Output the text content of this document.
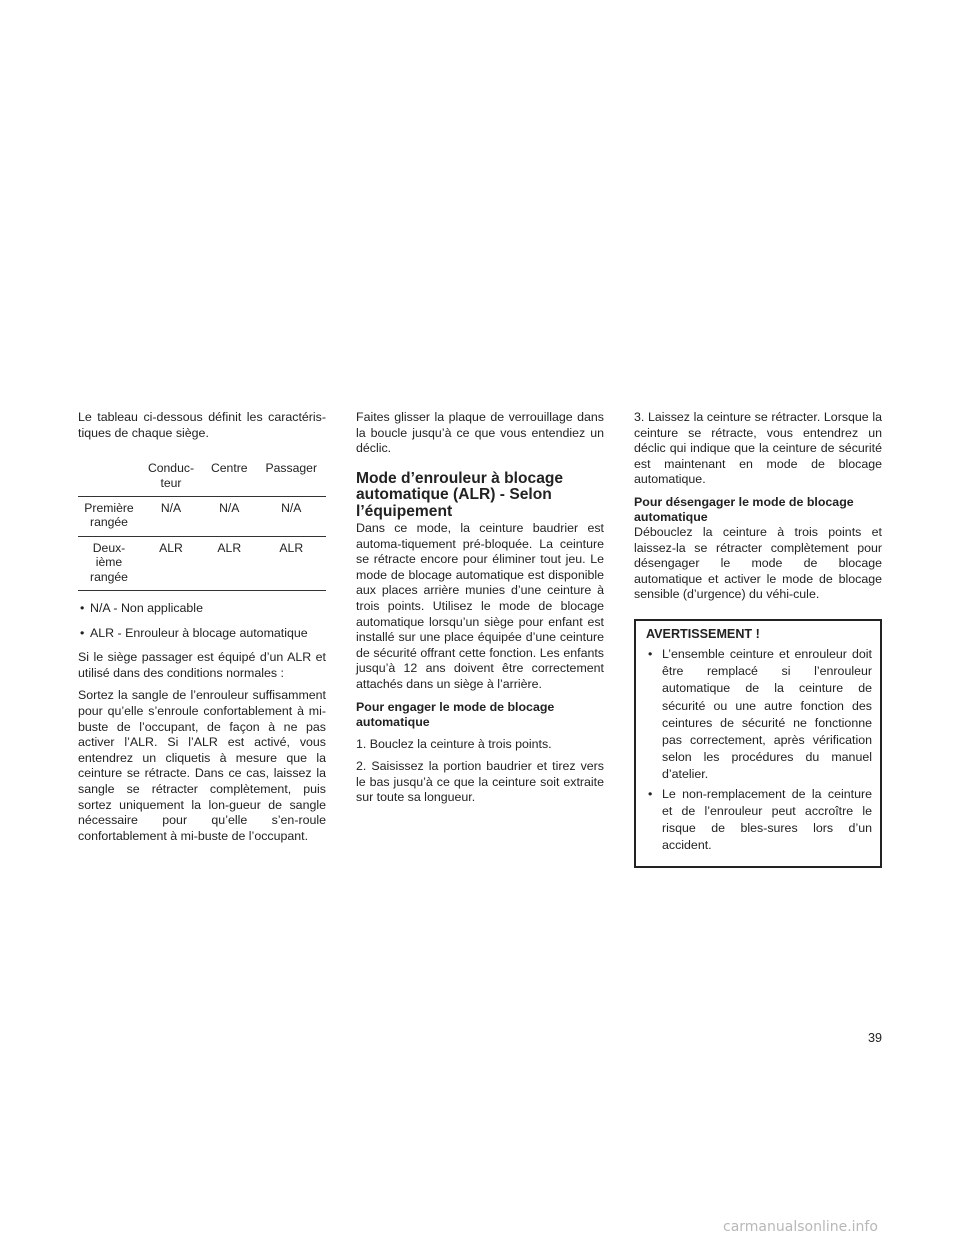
Le tableau ci-dessous définit les caractéris-tiques de chaque siège.

	Conduc-teur	Centre	Passager
Première rangée	N/A	N/A	N/A
Deux-ième rangée	ALR	ALR	ALR
• N/A - Non applicable
• ALR - Enrouleur à blocage automatique

Si le siège passager est équipé d’un ALR et utilisé dans des conditions normales :

Sortez la sangle de l’enrouleur suffisamment pour qu’elle s’enroule confortablement à mi-buste de l’occupant, de façon à ne pas activer l’ALR. Si l’ALR est activé, vous entendrez un cliquetis à mesure que la ceinture se rétracte. Dans ce cas, laissez la sangle se rétracter complètement, puis sortez uniquement la lon-gueur de sangle nécessaire pour qu’elle s’en-roule confortablement à mi-buste de l’occupant.

Faites glisser la plaque de verrouillage dans la boucle jusqu’à ce que vous entendiez un déclic.

Mode d’enrouleur à blocage automatique (ALR) - Selon l’équipement

Dans ce mode, la ceinture baudrier est automa-tiquement pré-bloquée. La ceinture se rétracte encore pour éliminer tout jeu. Le mode de blocage automatique est disponible aux places arrière munies d’une ceinture à trois points. Utilisez le mode de blocage automatique lorsqu’un siège pour enfant est installé sur une place équipée d’une ceinture de sécurité offrant cette fonction. Les enfants jusqu’à 12 ans doivent être correctement attachés dans un siège à l’arrière.

Pour engager le mode de blocage automatique

1. Bouclez la ceinture à trois points.

2. Saisissez la portion baudrier et tirez vers le bas jusqu’à ce que la ceinture soit extraite sur toute sa longueur.

3. Laissez la ceinture se rétracter. Lorsque la ceinture se rétracte, vous entendrez un déclic qui indique que la ceinture de sécurité est maintenant en mode de blocage automatique.

Pour désengager le mode de blocage automatique

Débouclez la ceinture à trois points et laissez-la se rétracter complètement pour désengager le mode de blocage automatique et activer le mode de blocage sensible (d’urgence) du véhi-cule.

AVERTISSEMENT !
• L’ensemble ceinture et enrouleur doit être remplacé si l’enrouleur automatique de la ceinture de sécurité ou une autre fonction des ceintures de sécurité ne fonctionne pas correctement, après vérification selon les procédures du manuel d’atelier.
• Le non-remplacement de la ceinture et de l’enrouleur peut accroître le risque de bles-sures lors d’un accident.
39
carmanualsonline.info
